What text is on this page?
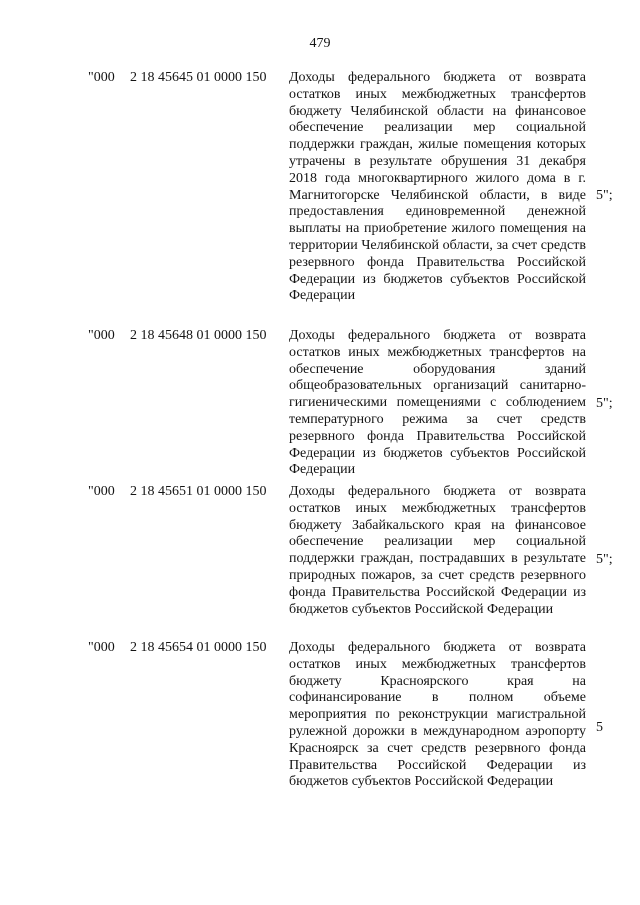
479
"000 2 18 45645 01 0000 150 Доходы федерального бюджета от возврата остатков иных межбюджетных трансфертов бюджету Челябинской области на финансовое обеспечение реализации мер социальной поддержки граждан, жилые помещения которых утрачены в результате обрушения 31 декабря 2018 года многоквартирного жилого дома в г. Магнитогорске Челябинской области, в виде предоставления единовременной денежной выплаты на приобретение жилого помещения на территории Челябинской области, за счет средств резервного фонда Правительства Российской Федерации из бюджетов субъектов Российской Федерации
5";
"000 2 18 45648 01 0000 150 Доходы федерального бюджета от возврата остатков иных межбюджетных трансфертов на обеспечение оборудования зданий общеобразовательных организаций санитарно-гигиеническими помещениями с соблюдением температурного режима за счет средств резервного фонда Правительства Российской Федерации из бюджетов субъектов Российской Федерации
5";
"000 2 18 45651 01 0000 150 Доходы федерального бюджета от возврата остатков иных межбюджетных трансфертов бюджету Забайкальского края на финансовое обеспечение реализации мер социальной поддержки граждан, пострадавших в результате природных пожаров, за счет средств резервного фонда Правительства Российской Федерации из бюджетов субъектов Российской Федерации
5";
"000 2 18 45654 01 0000 150 Доходы федерального бюджета от возврата остатков иных межбюджетных трансфертов бюджету Красноярского края на софинансирование в полном объеме мероприятия по реконструкции магистральной рулежной дорожки в международном аэропорту Красноярск за счет средств резервного фонда Правительства Российской Федерации из бюджетов субъектов Российской Федерации
5
